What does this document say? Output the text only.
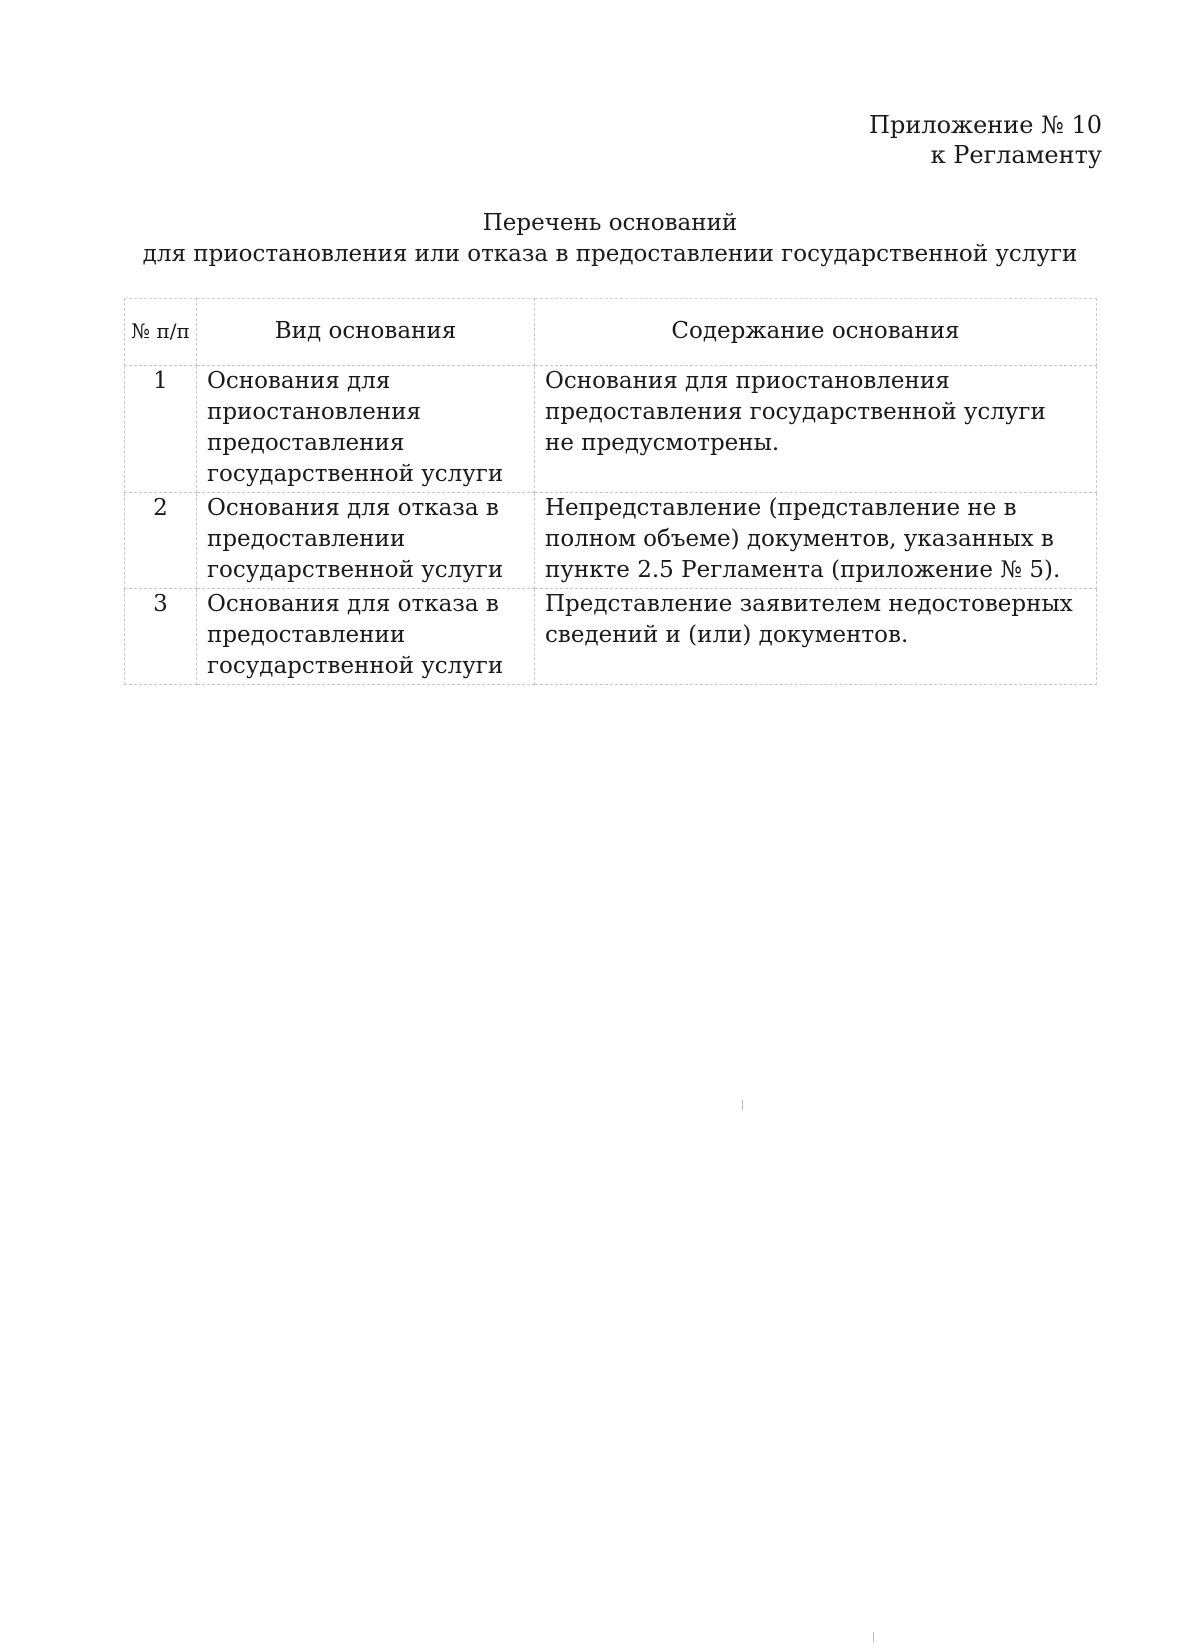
Приложение № 10
к Регламенту
Перечень оснований
для приостановления или отказа в предоставлении государственной услуги
№ п/п	Вид основания	Содержание основания
1	Основания для приостановления предоставления государственной услуги	Основания для приостановления предоставления государственной услуги не предусмотрены.

2	Основания для отказа в предоставлении государственной услуги	Непредставление (представление не в полном объеме) документов, указанных в пункте 2.5 Регламента (приложение № 5).

3	Основания для отказа в предоставлении государственной услуги	Представление заявителем недостоверных сведений и (или) документов.
